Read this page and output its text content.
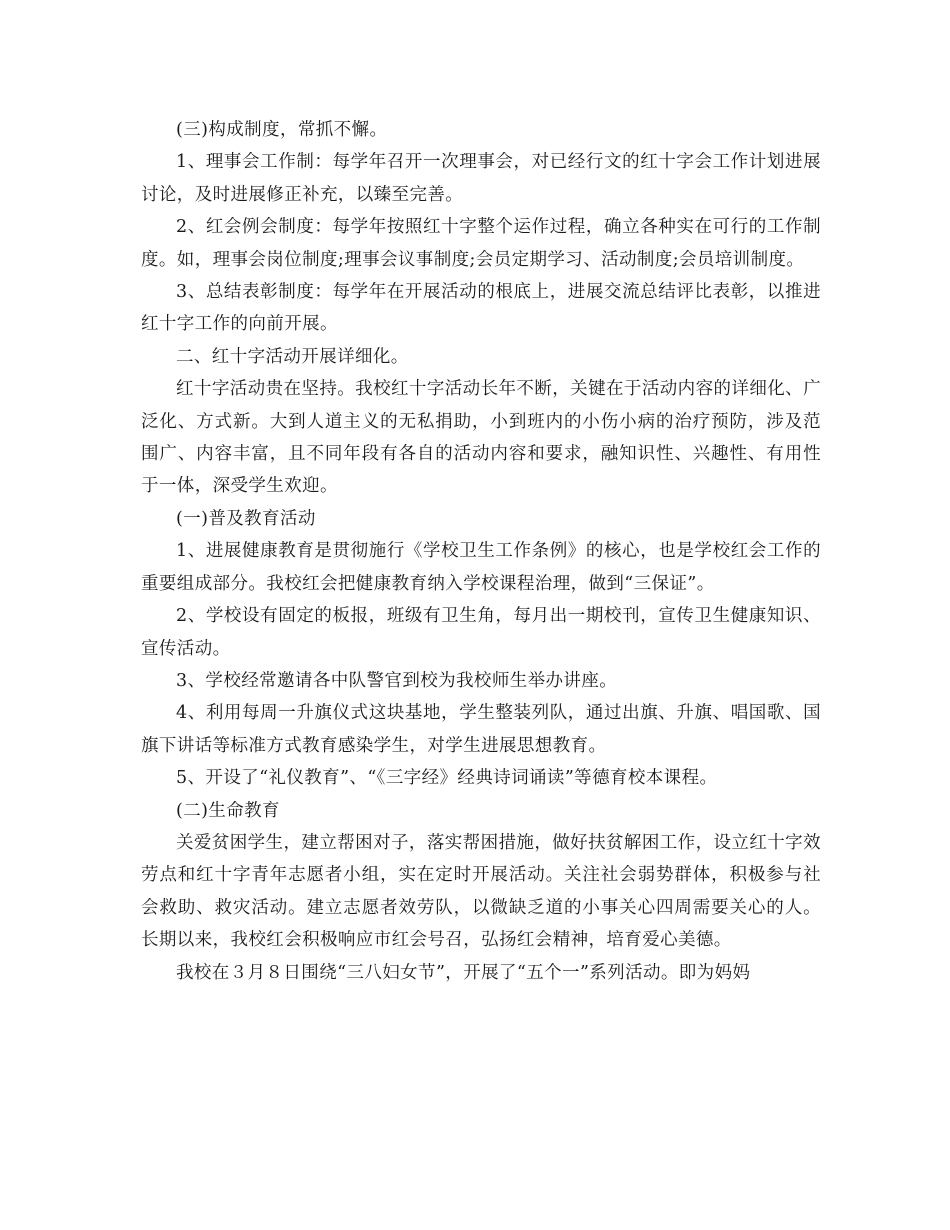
(三)构成制度，常抓不懈。

1、理事会工作制：每学年召开一次理事会，对已经行文的红十字会工作计划进展讨论，及时进展修正补充，以臻至完善。

2、红会例会制度：每学年按照红十字整个运作过程，确立各种实在可行的工作制度。如，理事会岗位制度;理事会议事制度;会员定期学习、活动制度;会员培训制度。

3、总结表彰制度：每学年在开展活动的根底上，进展交流总结评比表彰，以推进红十字工作的向前开展。

二、红十字活动开展详细化。

红十字活动贵在坚持。我校红十字活动长年不断，关键在于活动内容的详细化、广泛化、方式新。大到人道主义的无私捐助，小到班内的小伤小病的治疗预防，涉及范围广、内容丰富，且不同年段有各自的活动内容和要求，融知识性、兴趣性、有用性于一体，深受学生欢迎。

(一)普及教育活动

1、进展健康教育是贯彻施行《学校卫生工作条例》的核心，也是学校红会工作的重要组成部分。我校红会把健康教育纳入学校课程治理，做到“三保证”。

2、学校设有固定的板报，班级有卫生角，每月出一期校刊，宣传卫生健康知识、宣传活动。

3、学校经常邀请各中队警官到校为我校师生举办讲座。

4、利用每周一升旗仪式这块基地，学生整装列队，通过出旗、升旗、唱国歌、国旗下讲话等标准方式教育感染学生，对学生进展思想教育。

5、开设了“礼仪教育”、“《三字经》经典诗词诵读”等德育校本课程。

(二)生命教育

关爱贫困学生，建立帮困对子，落实帮困措施，做好扶贫解困工作，设立红十字效劳点和红十字青年志愿者小组，实在定时开展活动。关注社会弱势群体，积极参与社会救助、救灾活动。建立志愿者效劳队，以微缺乏道的小事关心四周需要关心的人。长期以来，我校红会积极响应市红会号召，弘扬红会精神，培育爱心美德。

我校在３月８日围绕“三八妇女节”，开展了“五个一”系列活动。即为妈妈
